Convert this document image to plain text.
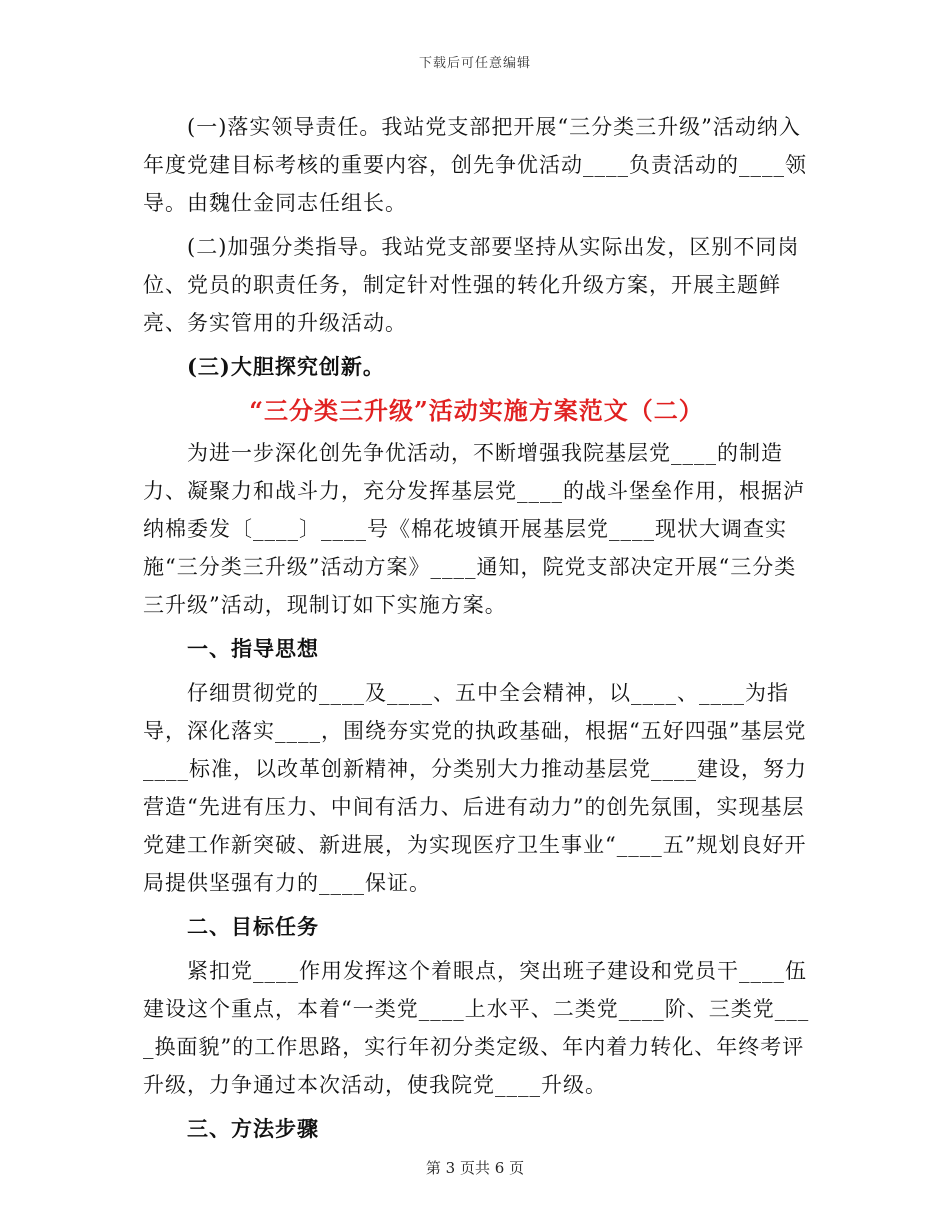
下载后可任意编辑

(一)落实领导责任。我站党支部把开展“三分类三升级”活动纳入年度党建目标考核的重要内容，创先争优活动____负责活动的____领导。由魏仕金同志任组长。

(二)加强分类指导。我站党支部要坚持从实际出发，区别不同岗位、党员的职责任务，制定针对性强的转化升级方案，开展主题鲜亮、务实管用的升级活动。

(三)大胆探究创新。

“三分类三升级”活动实施方案范文（二）

为进一步深化创先争优活动，不断增强我院基层党____的制造力、凝聚力和战斗力，充分发挥基层党____的战斗堡垒作用，根据泸纳棉委发〔____〕____号《棉花坡镇开展基层党____现状大调查实施“三分类三升级”活动方案》____通知，院党支部决定开展“三分类三升级”活动，现制订如下实施方案。

一、指导思想

仔细贯彻党的____及____、五中全会精神，以____、____为指导，深化落实____，围绕夯实党的执政基础，根据“五好四强”基层党____标准，以改革创新精神，分类别大力推动基层党____建设，努力营造“先进有压力、中间有活力、后进有动力”的创先氛围，实现基层党建工作新突破、新进展，为实现医疗卫生事业“____五”规划良好开局提供坚强有力的____保证。

二、目标任务

紧扣党____作用发挥这个着眼点，突出班子建设和党员干____伍建设这个重点，本着“一类党____上水平、二类党____阶、三类党____换面貌”的工作思路，实行年初分类定级、年内着力转化、年终考评升级，力争通过本次活动，使我院党____升级。

三、方法步骤

第 3 页共 6 页
